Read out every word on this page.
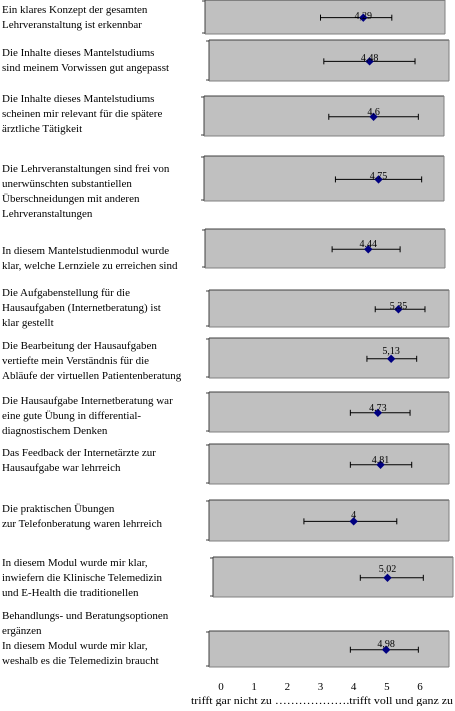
Ein klares Konzept der gesamten Lehrveranstaltung ist erkennbar
4,29
Die Inhalte dieses Mantelstudiums sind meinem Vorwissen gut angepasst
4,48
Die Inhalte dieses Mantelstudiums scheinen mir relevant für die spätere ärztliche Tätigkeit
4.6
Die Lehrveranstaltungen sind frei von unerwünschten substantiellen Überschneidungen mit anderen Lehrveranstaltungen
4.75
In diesem Mantelstudienmodul wurde klar, welche Lernziele zu erreichen sind
4.44
Die Aufgabenstellung für die Hausaufgaben (Internetberatung) ist klar gestellt
5,35
Die Bearbeitung der Hausaufgaben vertiefte mein Verständnis für die Abläufe der virtuellen Patientenberatung
5,13
Die Hausaufgabe Internetberatung war eine gute Übung in differential-diagnostischem Denken
4.73
Das Feedback der Internetärzte zur Hausaufgabe war lehrreich
4.81
Die praktischen Übungen zur Telefonberatung waren lehrreich
4
In diesem Modul wurde mir klar, inwiefern die Klinische Telemedizin und E-Health die traditionellen
5,02
Behandlungs- und Beratungsoptionen ergänzen In diesem Modul wurde mir klar, weshalb es die Telemedizin braucht
4,98
0	1	2	3	4	5	6
trifft gar nicht zu ……………….trifft voll und ganz zu
